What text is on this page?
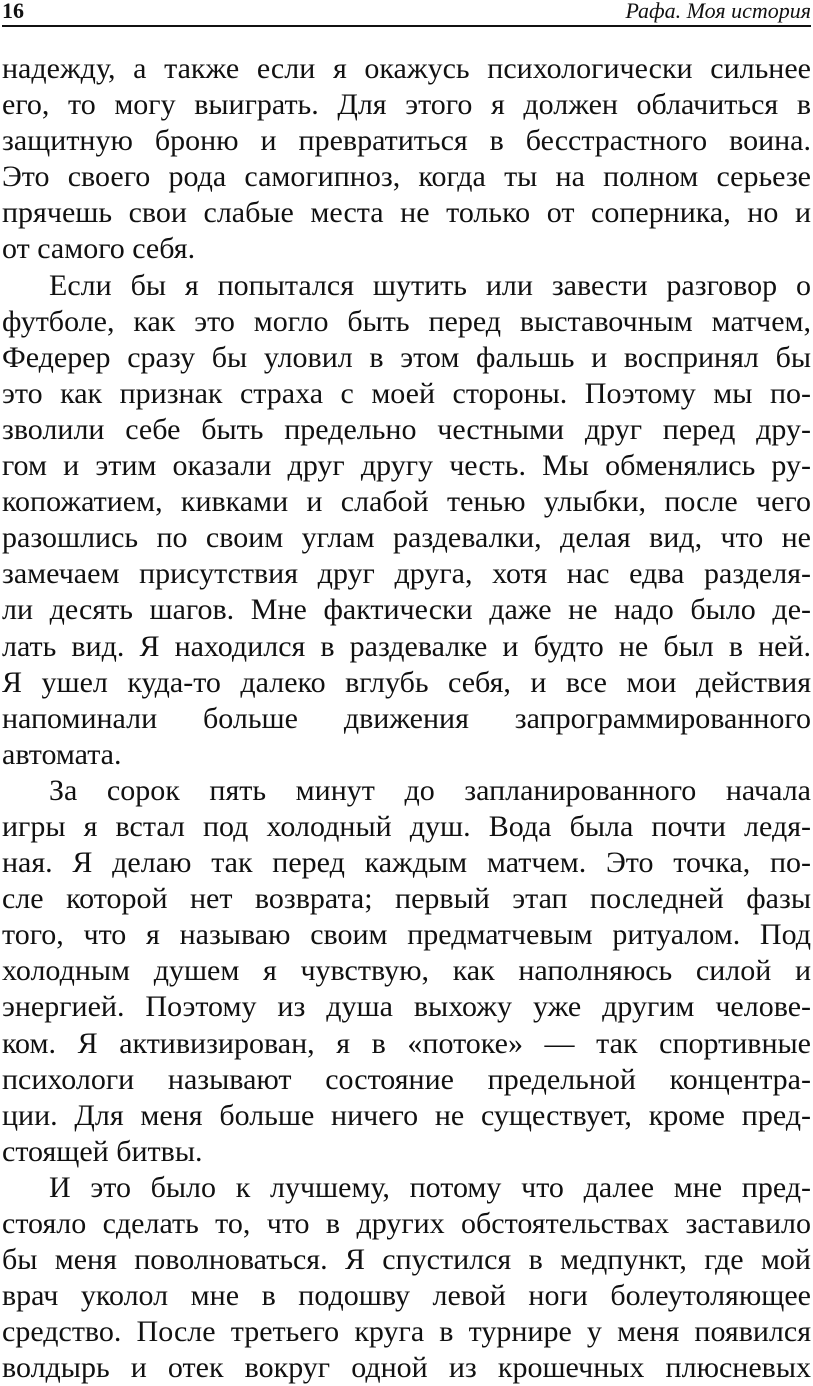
16	Рафа. Моя история
надежду, а также если я окажусь психологически сильнее
его, то могу выиграть. Для этого я должен облачиться в
защитную броню и превратиться в бесстрастного воина.
Это своего рода самогипноз, когда ты на полном серьезе
прячешь свои слабые места не только от соперника, но и
от самого себя.
Если бы я попытался шутить или завести разговор о
футболе, как это могло быть перед выставочным матчем,
Федерер сразу бы уловил в этом фальшь и воспринял бы
это как признак страха с моей стороны. Поэтому мы по-
зволили себе быть предельно честными друг перед дру-
гом и этим оказали друг другу честь. Мы обменялись ру-
копожатием, кивками и слабой тенью улыбки, после чего
разошлись по своим углам раздевалки, делая вид, что не
замечаем присутствия друг друга, хотя нас едва разделя-
ли десять шагов. Мне фактически даже не надо было де-
лать вид. Я находился в раздевалке и будто не был в ней.
Я ушел куда-то далеко вглубь себя, и все мои действия
напоминали больше движения запрограммированного
автомата.
За сорок пять минут до запланированного начала
игры я встал под холодный душ. Вода была почти ледя-
ная. Я делаю так перед каждым матчем. Это точка, по-
сле которой нет возврата; первый этап последней фазы
того, что я называю своим предматчевым ритуалом. Под
холодным душем я чувствую, как наполняюсь силой и
энергией. Поэтому из душа выхожу уже другим челове-
ком. Я активизирован, я в «потоке» — так спортивные
психологи называют состояние предельной концентра-
ции. Для меня больше ничего не существует, кроме пред-
стоящей битвы.
И это было к лучшему, потому что далее мне пред-
стояло сделать то, что в других обстоятельствах заставило
бы меня поволноваться. Я спустился в медпункт, где мой
врач уколол мне в подошву левой ноги болеутоляющее
средство. После третьего круга в турнире у меня появился
волдырь и отек вокруг одной из крошечных плюсневых
